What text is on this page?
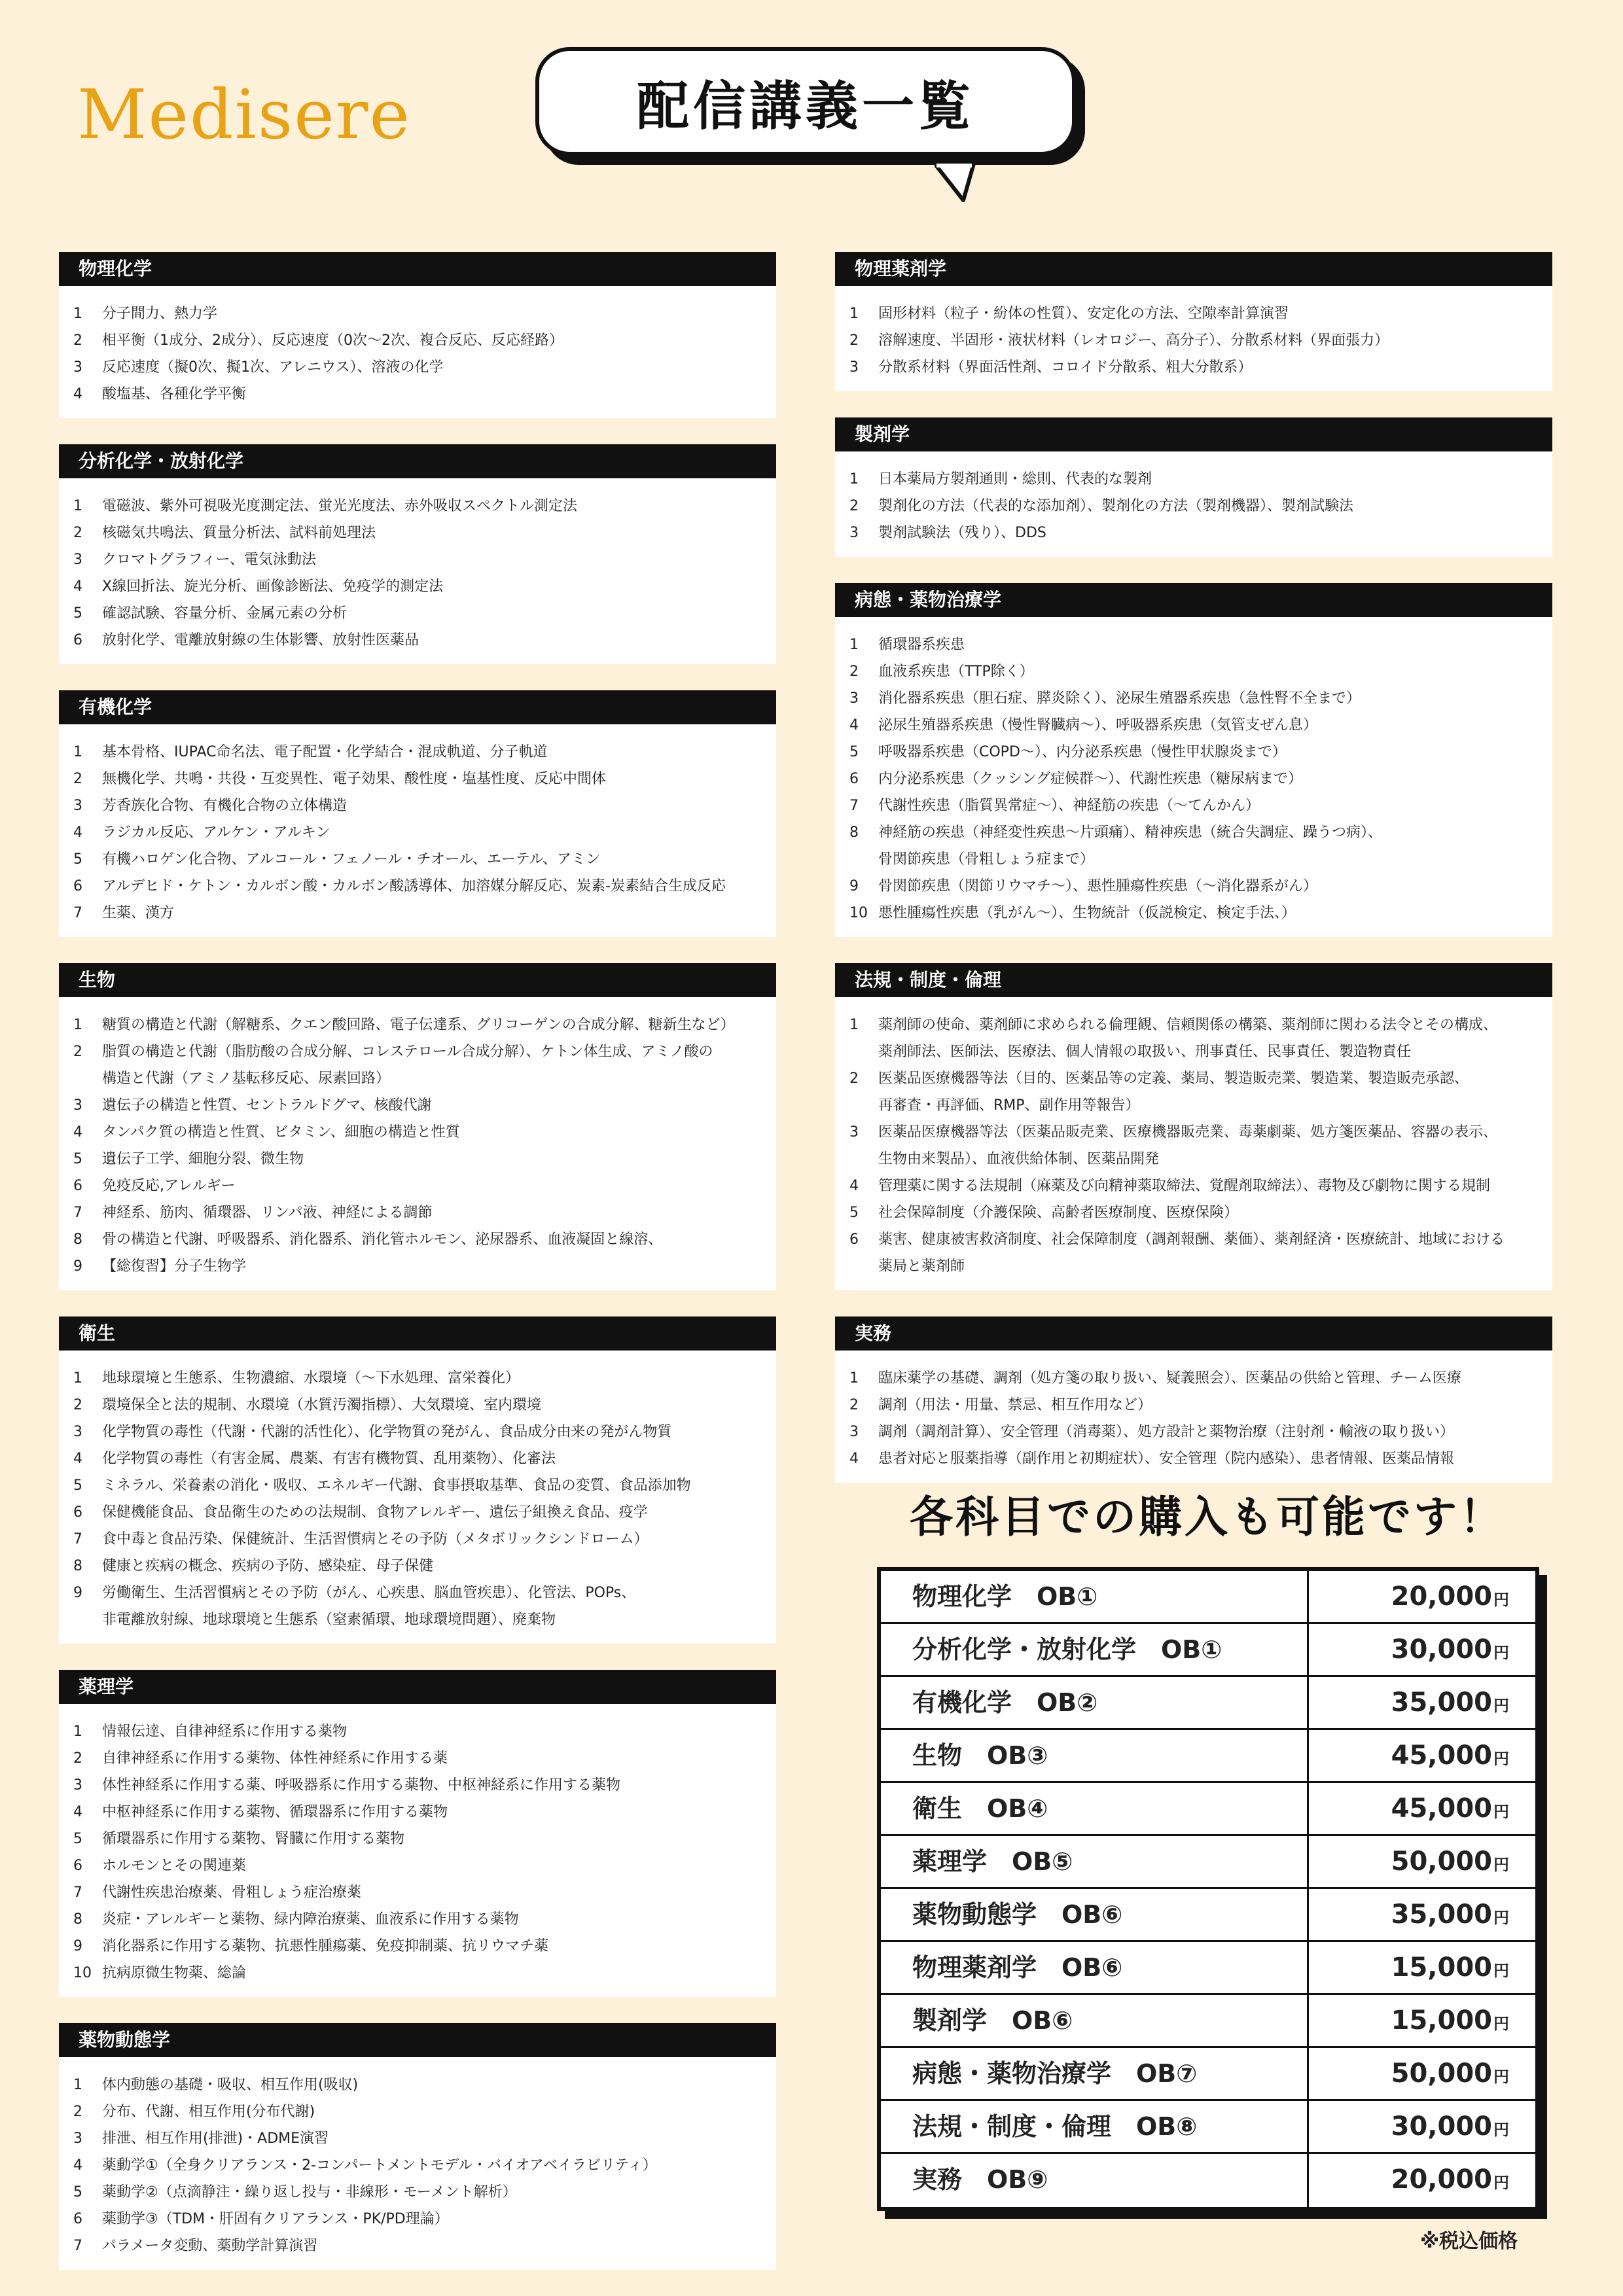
Medisere	配信講義一覧
物理化学
1	分子間力、熱力学
2	相平衡（1成分、2成分）、反応速度（0次〜2次、複合反応、反応経路）
3	反応速度（擬0次、擬1次、アレニウス）、溶液の化学
4	酸塩基、各種化学平衡
分析化学・放射化学
1	電磁波、紫外可視吸光度測定法、蛍光光度法、赤外吸収スペクトル測定法
2	核磁気共鳴法、質量分析法、試料前処理法
3	クロマトグラフィー、電気泳動法
4	X線回折法、旋光分析、画像診断法、免疫学的測定法
5	確認試験、容量分析、金属元素の分析
6	放射化学、電離放射線の生体影響、放射性医薬品
有機化学
1	基本骨格、IUPAC命名法、電子配置・化学結合・混成軌道、分子軌道
2	無機化学、共鳴・共役・互変異性、電子効果、酸性度・塩基性度、反応中間体
3	芳香族化合物、有機化合物の立体構造
4	ラジカル反応、アルケン・アルキン
5	有機ハロゲン化合物、アルコール・フェノール・チオール、エーテル、アミン
6	アルデヒド・ケトン・カルボン酸・カルボン酸誘導体、加溶媒分解反応、炭素-炭素結合生成反応
7	生薬、漢方
生物
1	糖質の構造と代謝（解糖系、クエン酸回路、電子伝達系、グリコーゲンの合成分解、糖新生など）
2	脂質の構造と代謝（脂肪酸の合成分解、コレステロール合成分解）、ケトン体生成、アミノ酸の
構造と代謝（アミノ基転移反応、尿素回路）
3	遺伝子の構造と性質、セントラルドグマ、核酸代謝
4	タンパク質の構造と性質、ビタミン、細胞の構造と性質
5	遺伝子工学、細胞分裂、微生物
6	免疫反応,アレルギー
7	神経系、筋肉、循環器、リンパ液、神経による調節
8	骨の構造と代謝、呼吸器系、消化器系、消化管ホルモン、泌尿器系、血液凝固と線溶、
9	【総復習】分子生物学
衛生
1	地球環境と生態系、生物濃縮、水環境（〜下水処理、富栄養化）
2	環境保全と法的規制、水環境（水質汚濁指標）、大気環境、室内環境
3	化学物質の毒性（代謝・代謝的活性化）、化学物質の発がん、食品成分由来の発がん物質
4	化学物質の毒性（有害金属、農薬、有害有機物質、乱用薬物）、化審法
5	ミネラル、栄養素の消化・吸収、エネルギー代謝、食事摂取基準、食品の変質、食品添加物
6	保健機能食品、食品衛生のための法規制、食物アレルギー、遺伝子組換え食品、疫学
7	食中毒と食品汚染、保健統計、生活習慣病とその予防（メタボリックシンドローム）
8	健康と疾病の概念、疾病の予防、感染症、母子保健
9	労働衛生、生活習慣病とその予防（がん、心疾患、脳血管疾患）、化管法、POPs、
非電離放射線、地球環境と生態系（窒素循環、地球環境問題）、廃棄物
薬理学
1	情報伝達、自律神経系に作用する薬物
2	自律神経系に作用する薬物、体性神経系に作用する薬
3	体性神経系に作用する薬、呼吸器系に作用する薬物、中枢神経系に作用する薬物
4	中枢神経系に作用する薬物、循環器系に作用する薬物
5	循環器系に作用する薬物、腎臓に作用する薬物
6	ホルモンとその関連薬
7	代謝性疾患治療薬、骨粗しょう症治療薬
8	炎症・アレルギーと薬物、緑内障治療薬、血液系に作用する薬物
9	消化器系に作用する薬物、抗悪性腫瘍薬、免疫抑制薬、抗リウマチ薬
10 抗病原微生物薬、総論
薬物動態学
1	体内動態の基礎・吸収、相互作用(吸収)
2	分布、代謝、相互作用(分布代謝)
3	排泄、相互作用(排泄)・ADME演習
4	薬動学①（全身クリアランス・2-コンパートメントモデル・バイオアベイラビリティ）
5	薬動学②（点滴静注・繰り返し投与・非線形・モーメント解析）
6	薬動学③（TDM・肝固有クリアランス・PK/PD理論）
7	パラメータ変動、薬動学計算演習
物理薬剤学
1	固形材料（粒子・紛体の性質）、安定化の方法、空隙率計算演習
2	溶解速度、半固形・液状材料（レオロジー、高分子）、分散系材料（界面張力）
3	分散系材料（界面活性剤、コロイド分散系、粗大分散系）
製剤学
1	日本薬局方製剤通則・総則、代表的な製剤
2	製剤化の方法（代表的な添加剤）、製剤化の方法（製剤機器）、製剤試験法
3	製剤試験法（残り）、DDS
病態・薬物治療学
1	循環器系疾患
2	血液系疾患（TTP除く）
3	消化器系疾患（胆石症、膵炎除く）、泌尿生殖器系疾患（急性腎不全まで）
4	泌尿生殖器系疾患（慢性腎臓病〜）、呼吸器系疾患（気管支ぜん息）
5	呼吸器系疾患（COPD〜）、内分泌系疾患（慢性甲状腺炎まで）
6	内分泌系疾患（クッシング症候群〜）、代謝性疾患（糖尿病まで）
7	代謝性疾患（脂質異常症〜）、神経筋の疾患（〜てんかん）
8	神経筋の疾患（神経変性疾患〜片頭痛）、精神疾患（統合失調症、躁うつ病）、
骨関節疾患（骨粗しょう症まで）
9	骨関節疾患（関節リウマチ〜）、悪性腫瘍性疾患（〜消化器系がん）
10 悪性腫瘍性疾患（乳がん〜）、生物統計（仮説検定、検定手法、）
法規・制度・倫理
1	薬剤師の使命、薬剤師に求められる倫理観、信頼関係の構築、薬剤師に関わる法令とその構成、
薬剤師法、医師法、医療法、個人情報の取扱い、刑事責任、民事責任、製造物責任
2	医薬品医療機器等法（目的、医薬品等の定義、薬局、製造販売業、製造業、製造販売承認、
再審査・再評価、RMP、副作用等報告）
3	医薬品医療機器等法（医薬品販売業、医療機器販売業、毒薬劇薬、処方箋医薬品、容器の表示、
生物由来製品）、血液供給体制、医薬品開発
4	管理薬に関する法規制（麻薬及び向精神薬取締法、覚醒剤取締法）、毒物及び劇物に関する規制
5	社会保障制度（介護保険、高齢者医療制度、医療保険）
6	薬害、健康被害救済制度、社会保障制度（調剤報酬、薬価）、薬剤経済・医療統計、地域における
薬局と薬剤師
実務
1	臨床薬学の基礎、調剤（処方箋の取り扱い、疑義照会）、医薬品の供給と管理、チーム医療
2	調剤（用法・用量、禁忌、相互作用など）
3	調剤（調剤計算）、安全管理（消毒薬）、処方設計と薬物治療（注射剤・輸液の取り扱い）
4	患者対応と服薬指導（副作用と初期症状）、安全管理（院内感染）、患者情報、医薬品情報
各科目での購入も可能です！
物理化学　OB①	20,000円
分析化学・放射化学　OB①	30,000円
有機化学　OB②	35,000円
生物　OB③	45,000円
衛生　OB④	45,000円
薬理学　OB⑤	50,000円
薬物動態学　OB⑥	35,000円
物理薬剤学　OB⑥	15,000円
製剤学　OB⑥	15,000円
病態・薬物治療学　OB⑦	50,000円
法規・制度・倫理　OB⑧	30,000円
実務　OB⑨	20,000円
※税込価格
